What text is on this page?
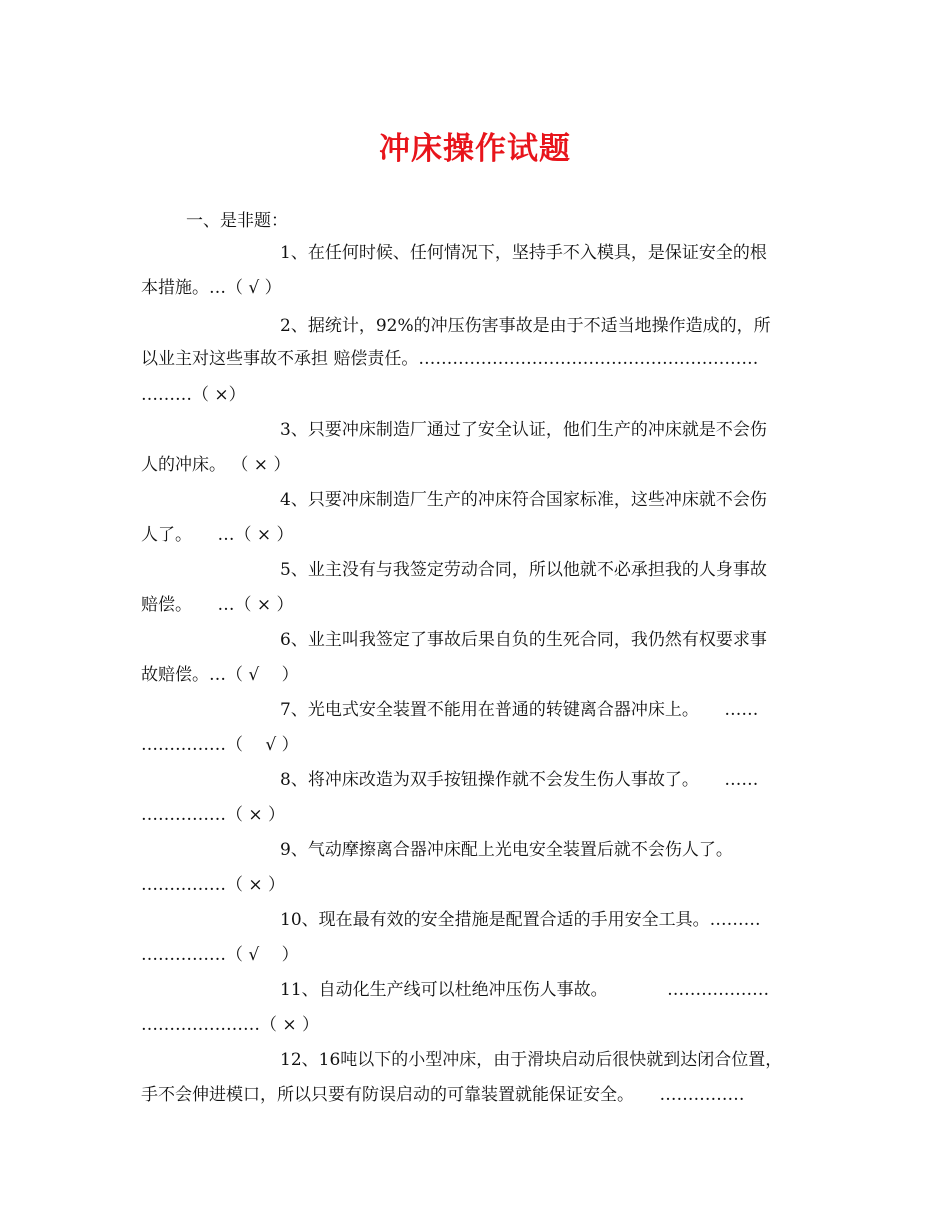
冲床操作试题
一、是非题：
1、在任何时候、任何情况下，坚持手不入模具，是保证安全的根
本措施。…（ √ ）
2、据统计，92%的冲压伤害事故是由于不适当地操作造成的，所
以业主对这些事故不承担 赔偿责任。……………………………………………………
………（ ×）
3、只要冲床制造厂通过了安全认证，他们生产的冲床就是不会伤
人的冲床。 （ × ）
4、只要冲床制造厂生产的冲床符合国家标准，这些冲床就不会伤
人了。　　…（ × ）
5、业主没有与我签定劳动合同，所以他就不必承担我的人身事故
赔偿。　　…（ × ）
6、业主叫我签定了事故后果自负的生死合同，我仍然有权要求事
故赔偿。…（ √　 ）
7、光电式安全装置不能用在普通的转键离合器冲床上。　　……
……………（　 √ ）
8、将冲床改造为双手按钮操作就不会发生伤人事故了。　　……
……………（ × ）
9、气动摩擦离合器冲床配上光电安全装置后就不会伤人了。
……………（ × ）
10、现在最有效的安全措施是配置合适的手用安全工具。………
……………（ √　 ）
11、自动化生产线可以杜绝冲压伤人事故。　　　　………………
…………………（ × ）
12、16吨以下的小型冲床，由于滑块启动后很快就到达闭合位置，
手不会伸进模口，所以只要有防误启动的可靠装置就能保证安全。　　……………
